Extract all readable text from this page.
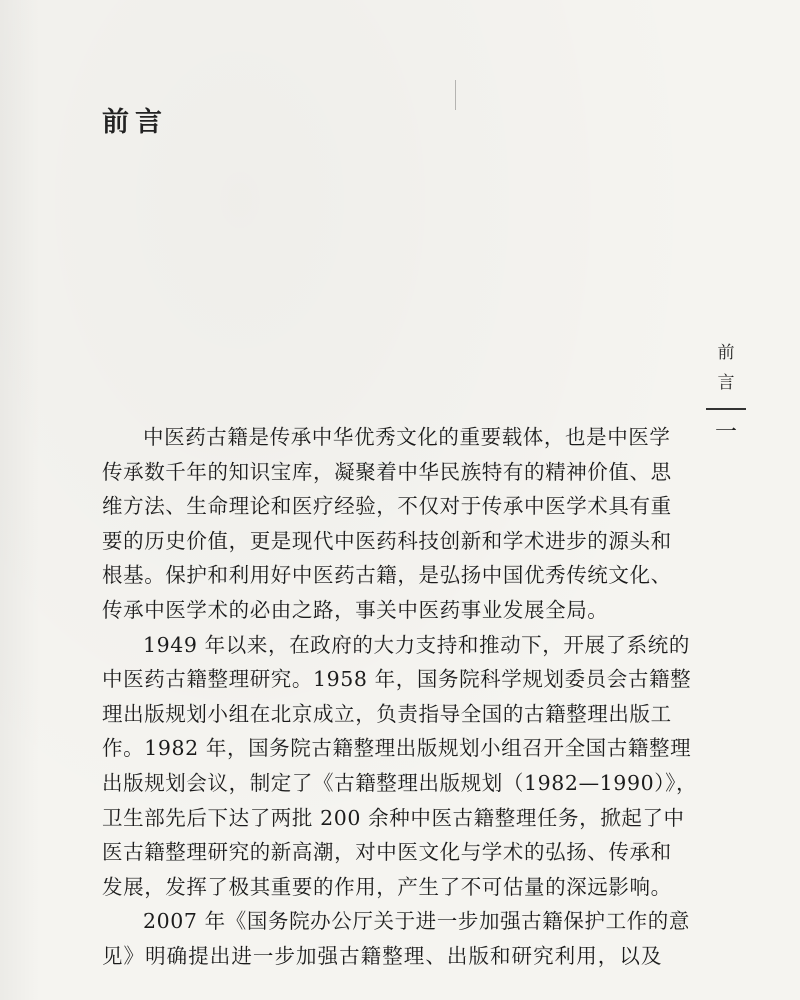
前言
前
言
一
中医药古籍是传承中华优秀文化的重要载体，也是中医学
传承数千年的知识宝库，凝聚着中华民族特有的精神价值、思
维方法、生命理论和医疗经验，不仅对于传承中医学术具有重
要的历史价值，更是现代中医药科技创新和学术进步的源头和
根基。保护和利用好中医药古籍，是弘扬中国优秀传统文化、
传承中医学术的必由之路，事关中医药事业发展全局。
1949 年以来，在政府的大力支持和推动下，开展了系统的
中医药古籍整理研究。1958 年，国务院科学规划委员会古籍整
理出版规划小组在北京成立，负责指导全国的古籍整理出版工
作。1982 年，国务院古籍整理出版规划小组召开全国古籍整理
出版规划会议，制定了《古籍整理出版规划（1982—1990）》，
卫生部先后下达了两批 200 余种中医古籍整理任务，掀起了中
医古籍整理研究的新高潮，对中医文化与学术的弘扬、传承和
发展，发挥了极其重要的作用，产生了不可估量的深远影响。
2007 年《国务院办公厅关于进一步加强古籍保护工作的意
见》明确提出进一步加强古籍整理、出版和研究利用，以及
